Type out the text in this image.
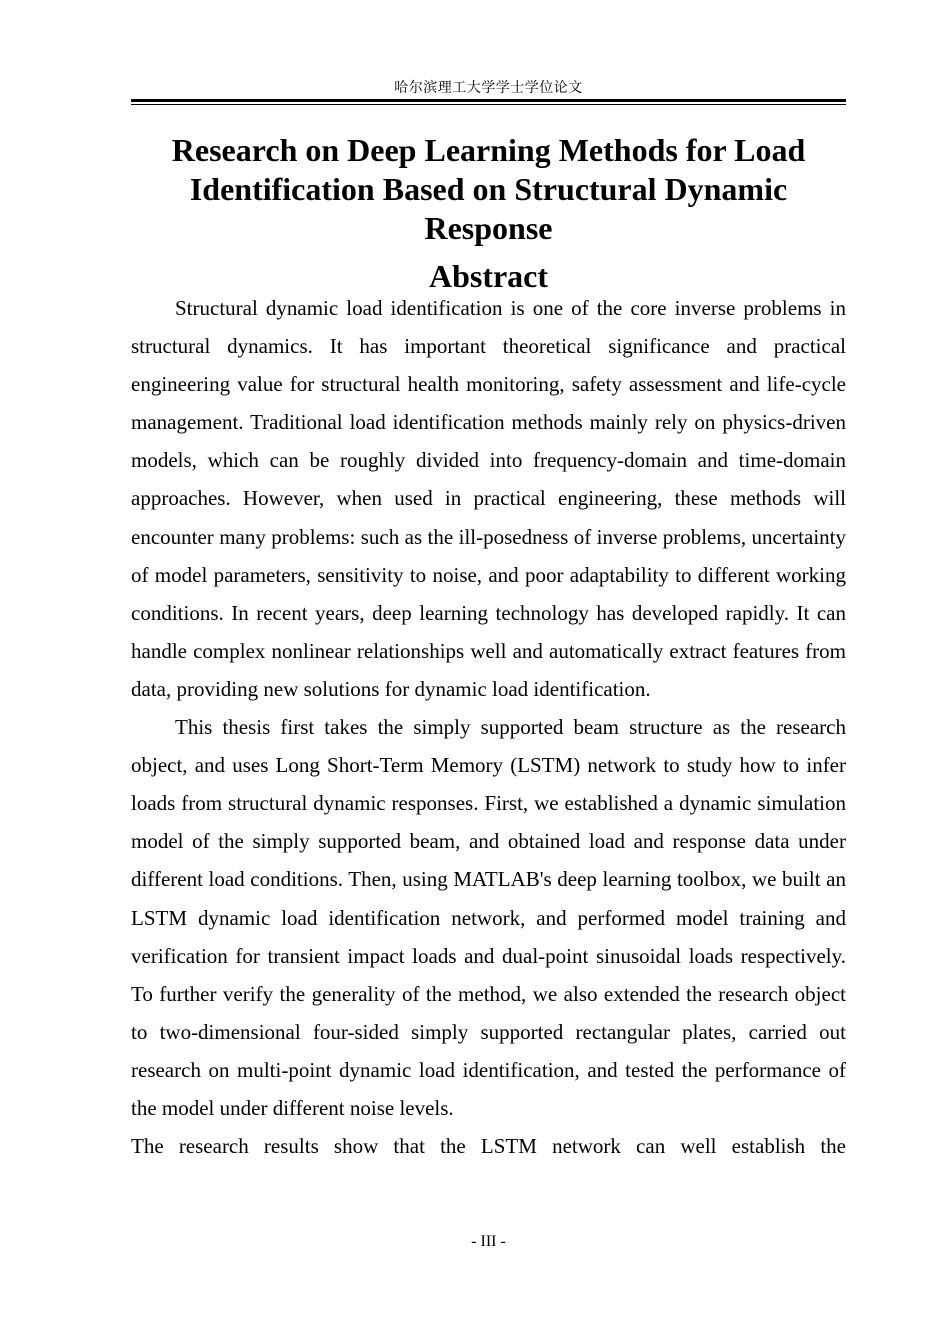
哈尔滨理工大学学士学位论文
Research on Deep Learning Methods for Load Identification Based on Structural Dynamic Response
Abstract

Structural dynamic load identification is one of the core inverse problems in structural dynamics. It has important theoretical significance and practical engineering value for structural health monitoring, safety assessment and life-cycle management. Traditional load identification methods mainly rely on physics-driven models, which can be roughly divided into frequency-domain and time-domain approaches. However, when used in practical engineering, these methods will encounter many problems: such as the ill-posedness of inverse problems, uncertainty of model parameters, sensitivity to noise, and poor adaptability to different working conditions. In recent years, deep learning technology has developed rapidly. It can handle complex nonlinear relationships well and automatically extract features from data, providing new solutions for dynamic load identification.

This thesis first takes the simply supported beam structure as the research object, and uses Long Short-Term Memory (LSTM) network to study how to infer loads from structural dynamic responses. First, we established a dynamic simulation model of the simply supported beam, and obtained load and response data under different load conditions. Then, using MATLAB's deep learning toolbox, we built an LSTM dynamic load identification network, and performed model training and verification for transient impact loads and dual-point sinusoidal loads respectively. To further verify the generality of the method, we also extended the research object to two-dimensional four-sided simply supported rectangular plates, carried out research on multi-point dynamic load identification, and tested the performance of the model under different noise levels.

The research results show that the LSTM network can well establish the

- III -
